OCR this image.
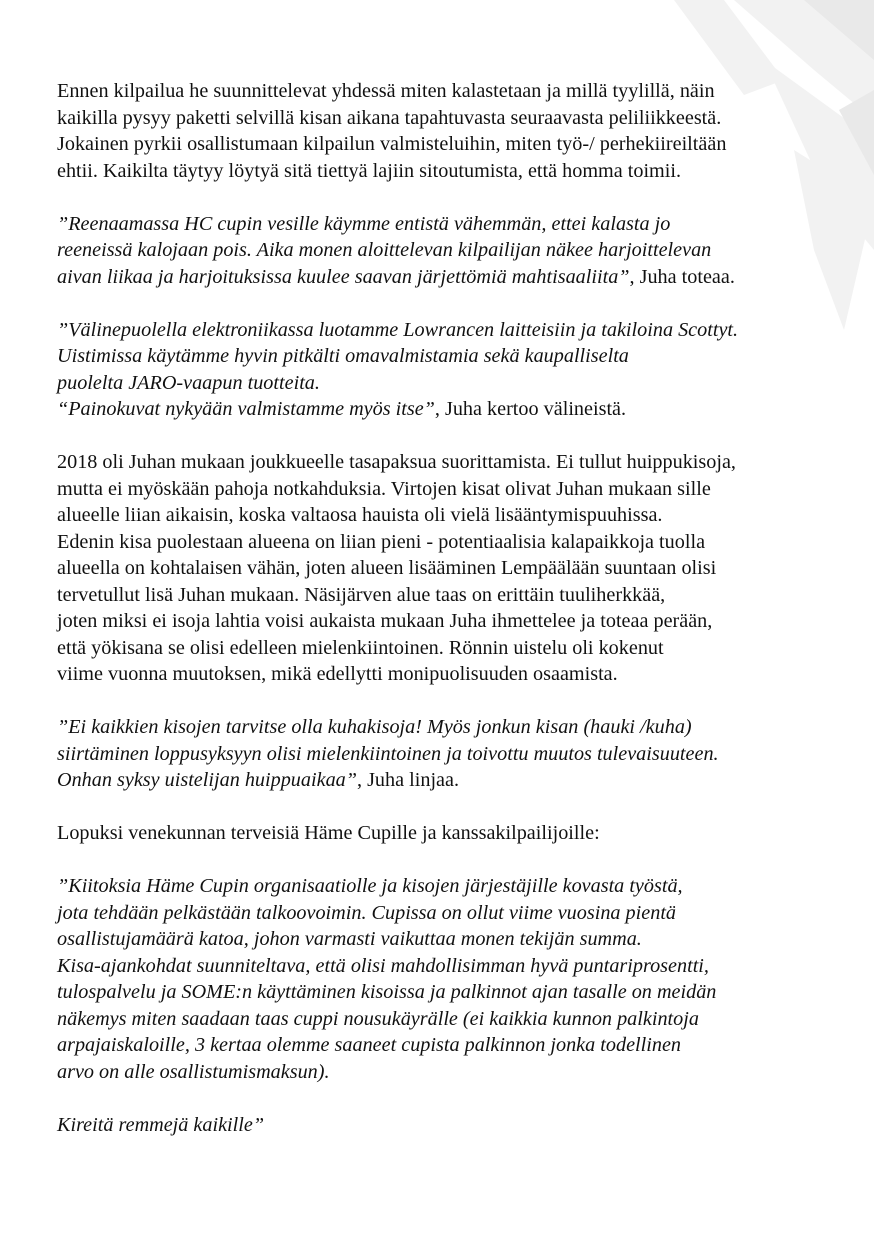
Ennen kilpailua he suunnittelevat yhdessä miten kalastetaan ja millä tyylillä, näin
kaikilla pysyy paketti selvillä kisan aikana tapahtuvasta seuraavasta peliliikkeestä.
Jokainen pyrkii osallistumaan kilpailun valmisteluihin, miten työ-/ perhekiireiltään
ehtii. Kaikilta täytyy löytyä sitä tiettyä lajiin sitoutumista, että homma toimii.

”Reenaamassa HC cupin vesille käymme entistä vähemmän, ettei kalasta jo
reeneissä kalojaan pois. Aika monen aloittelevan kilpailijan näkee harjoittelevan
aivan liikaa ja harjoituksissa kuulee saavan järjettömiä mahtisaaliita”, Juha toteaa.

”Välinepuolella elektroniikassa luotamme Lowrancen laitteisiin ja takiloina Scottyt.
Uistimissa käytämme hyvin pitkälti omavalmistamia sekä kaupalliselta
puolelta JARO-vaapun tuotteita.
“Painokuvat nykyään valmistamme myös itse”, Juha kertoo välineistä.

2018 oli Juhan mukaan joukkueelle tasapaksua suorittamista. Ei tullut huippukisoja,
mutta ei myöskään pahoja notkahduksia. Virtojen kisat olivat Juhan mukaan sille
alueelle liian aikaisin, koska valtaosa hauista oli vielä lisääntymispuuhissa.
Edenin kisa puolestaan alueena on liian pieni - potentiaalisia kalapaikkoja tuolla
alueella on kohtalaisen vähän, joten alueen lisääminen Lempäälään suuntaan olisi
tervetullut lisä Juhan mukaan. Näsijärven alue taas on erittäin tuuliherkkää,
joten miksi ei isoja lahtia voisi aukaista mukaan Juha ihmettelee ja toteaa perään,
että yökisana se olisi edelleen mielenkiintoinen. Rönnin uistelu oli kokenut
viime vuonna muutoksen, mikä edellytti monipuolisuuden osaamista.

”Ei kaikkien kisojen tarvitse olla kuhakisoja! Myös jonkun kisan (hauki /kuha)
siirtäminen loppusyksyyn olisi mielenkiintoinen ja toivottu muutos tulevaisuuteen.
Onhan syksy uistelijan huippuaikaa”, Juha linjaa.

Lopuksi venekunnan terveisiä Häme Cupille ja kanssakilpailijoille:

”Kiitoksia Häme Cupin organisaatiolle ja kisojen järjestäjille kovasta työstä,
jota tehdään pelkästään talkoovoimin. Cupissa on ollut viime vuosina pientä
osallistujamäärä katoa, johon varmasti vaikuttaa monen tekijän summa.
Kisa-ajankohdat suunniteltava, että olisi mahdollisimman hyvä puntariprosentti,
tulospalvelu ja SOME:n käyttäminen kisoissa ja palkinnot ajan tasalle on meidän
näkemys miten saadaan taas cuppi nousukäyrälle (ei kaikkia kunnon palkintoja
arpajaiskaloille, 3 kertaa olemme saaneet cupista palkinnon jonka todellinen
arvo on alle osallistumismaksun).

Kireitä remmejä kaikille”
